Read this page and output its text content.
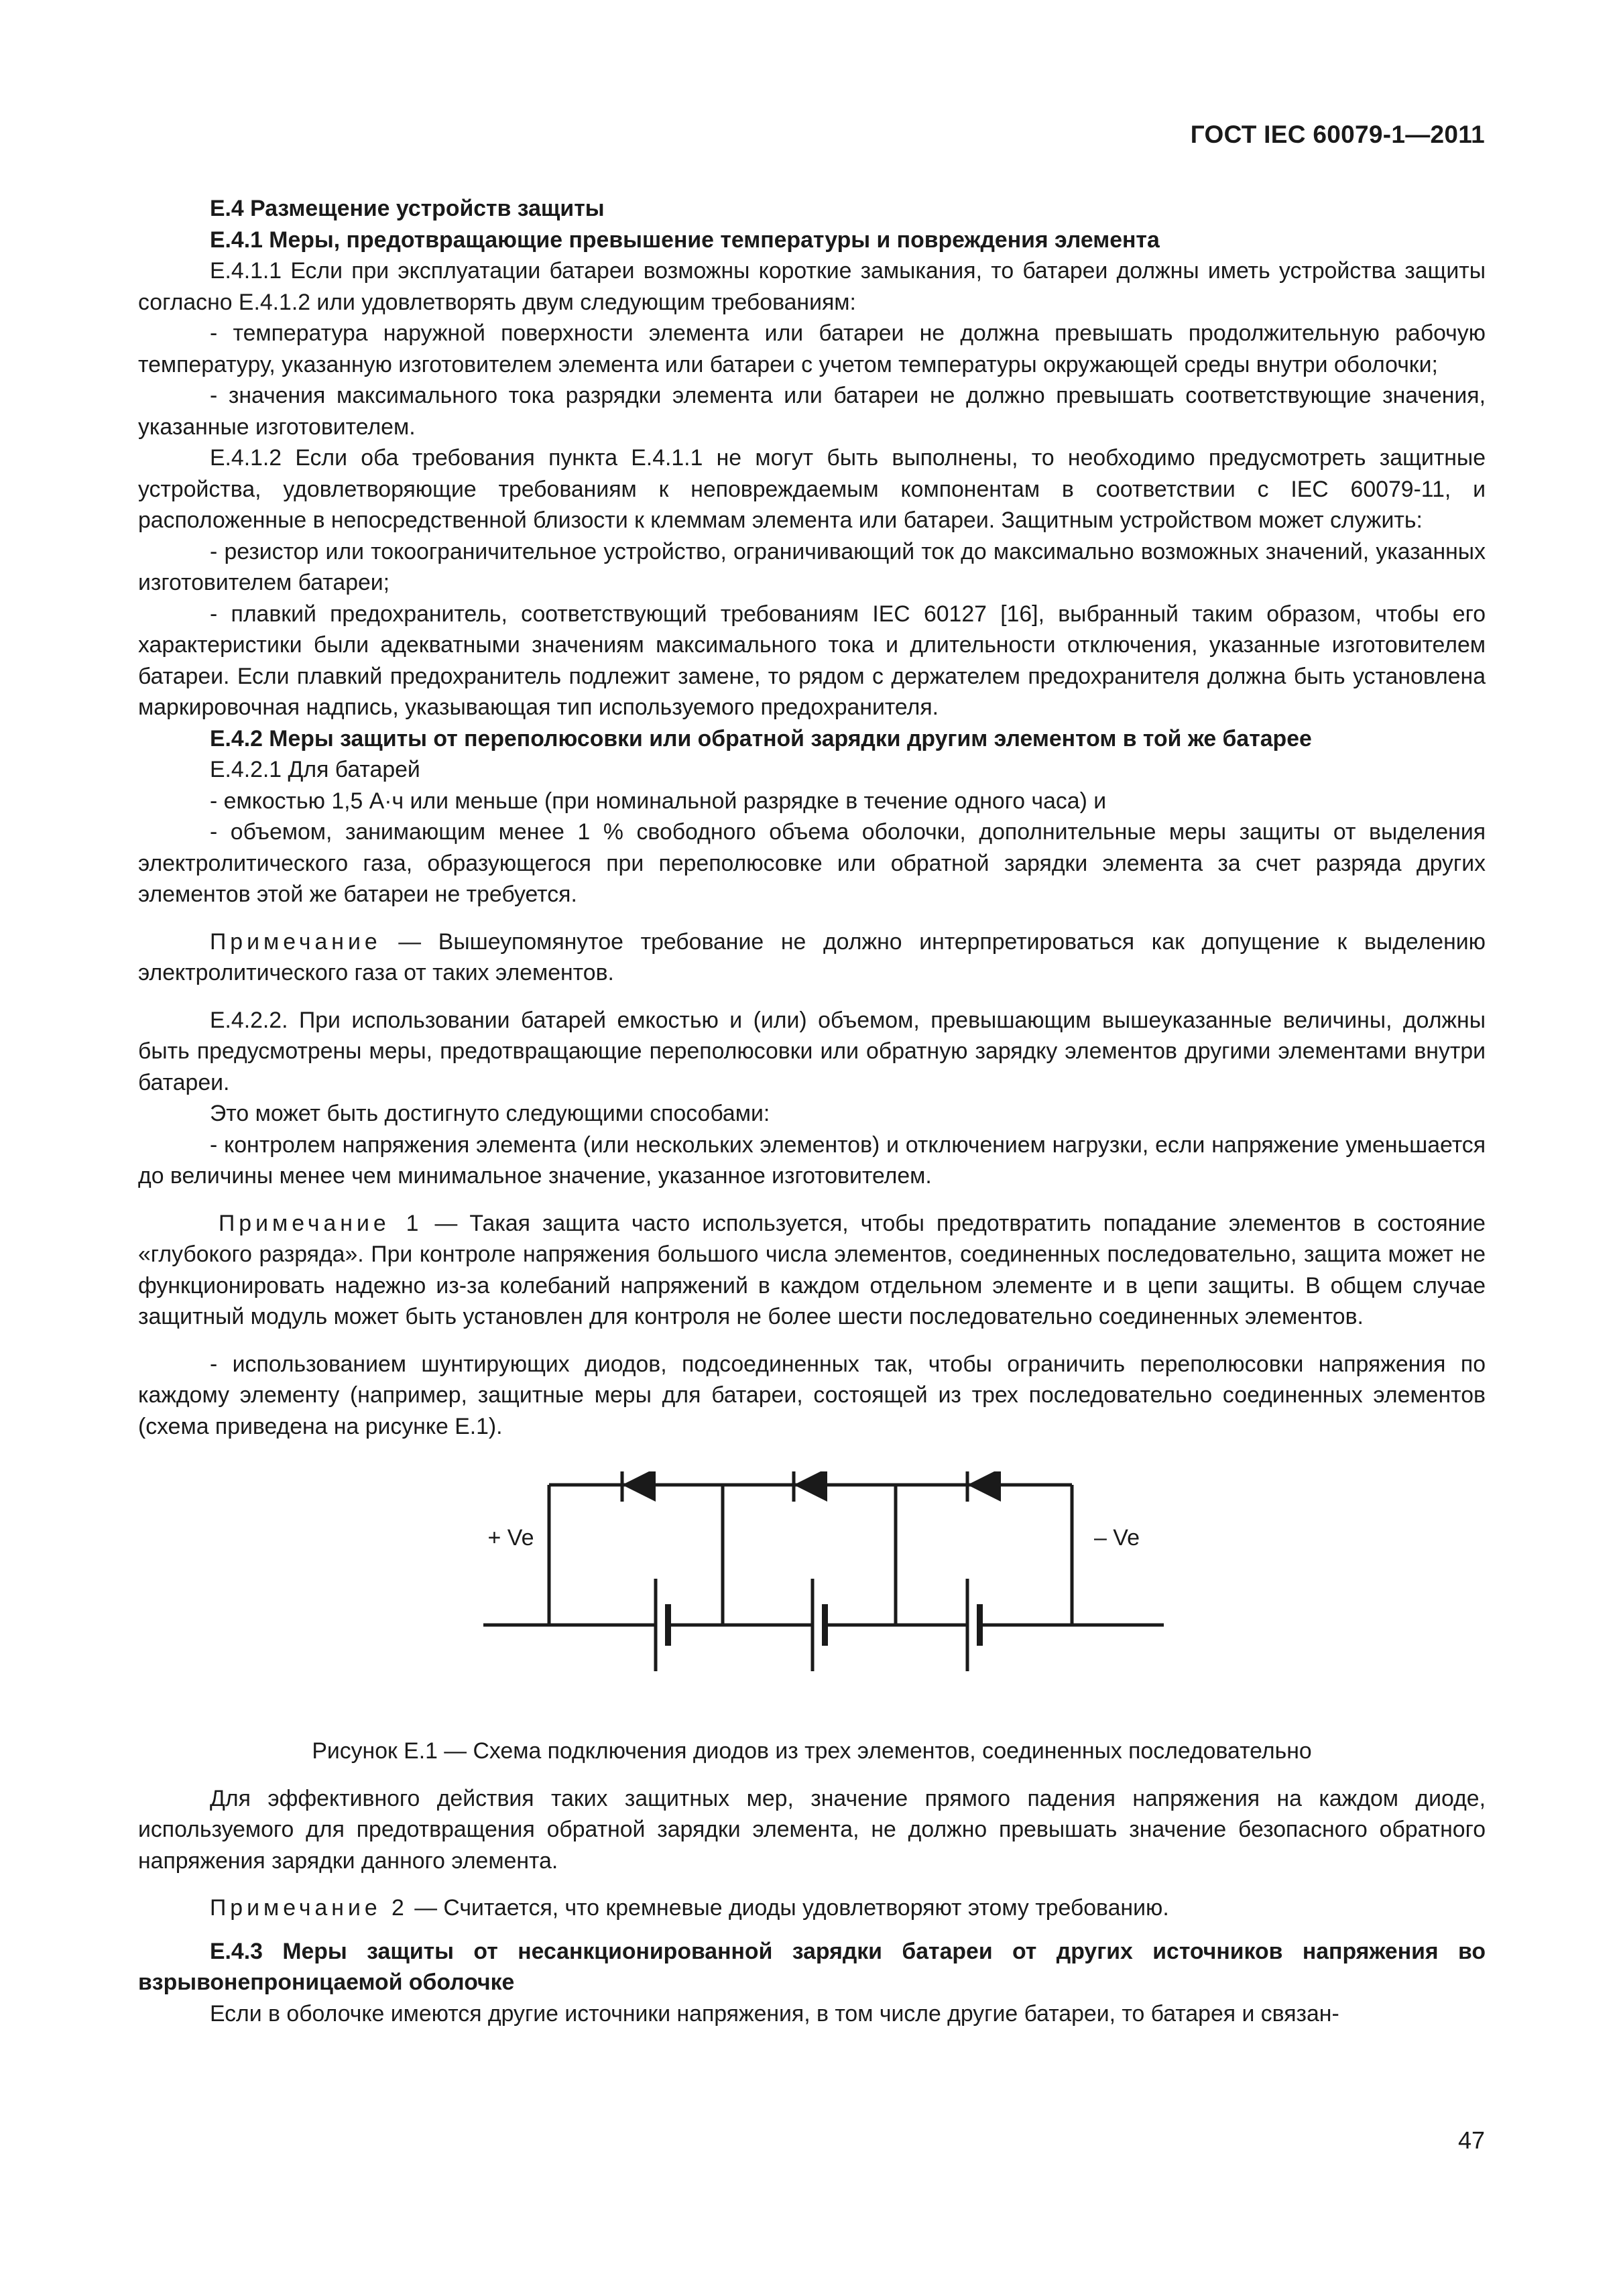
ГОСТ IEC 60079-1—2011

E.4 Размещение устройств защиты

E.4.1 Меры, предотвращающие превышение температуры и повреждения элемента

Е.4.1.1 Если при эксплуатации батареи возможны короткие замыкания, то батареи должны иметь устройства защиты согласно Е.4.1.2 или удовлетворять двум следующим требованиям:

- температура наружной поверхности элемента или батареи не должна превышать продолжительную рабочую температуру, указанную изготовителем элемента или батареи с учетом температуры окружающей среды внутри оболочки;

- значения максимального тока разрядки элемента или батареи не должно превышать соответствующие значения, указанные изготовителем.

Е.4.1.2 Если оба требования пункта Е.4.1.1 не могут быть выполнены, то необходимо предусмотреть защитные устройства, удовлетворяющие требованиям к неповреждаемым компонентам в соответствии с IEC 60079-11, и расположенные в непосредственной близости к клеммам элемента или батареи. Защитным устройством может служить:

- резистор или токоограничительное устройство, ограничивающий ток до максимально возможных значений, указанных изготовителем батареи;

- плавкий предохранитель, соответствующий требованиям IEC 60127 [16], выбранный таким образом, чтобы его характеристики были адекватными значениям максимального тока и длительности отключения, указанные изготовителем батареи. Если плавкий предохранитель подлежит замене, то рядом с держателем предохранителя должна быть установлена маркировочная надпись, указывающая тип используемого предохранителя.

E.4.2 Меры защиты от переполюсовки или обратной зарядки другим элементом в той же батарее

Е.4.2.1 Для батарей

- емкостью 1,5 А·ч или меньше (при номинальной разрядке в течение одного часа) и

- объемом, занимающим менее 1 % свободного объема оболочки, дополнительные меры защиты от выделения электролитического газа, образующегося при переполюсовке или обратной зарядки элемента за счет разряда других элементов этой же батареи не требуется.

Примечание — Вышеупомянутое требование не должно интерпретироваться как допущение к выделению электролитического газа от таких элементов.

Е.4.2.2. При использовании батарей емкостью и (или) объемом, превышающим вышеуказанные величины, должны быть предусмотрены меры, предотвращающие переполюсовки или обратную зарядку элементов другими элементами внутри батареи.

Это может быть достигнуто следующими способами:

- контролем напряжения элемента (или нескольких элементов) и отключением нагрузки, если напряжение уменьшается до величины менее чем минимальное значение, указанное изготовителем.

Примечание 1 — Такая защита часто используется, чтобы предотвратить попадание элементов в состояние «глубокого разряда». При контроле напряжения большого числа элементов, соединенных последовательно, защита может не функционировать надежно из-за колебаний напряжений в каждом отдельном элементе и в цепи защиты. В общем случае защитный модуль может быть установлен для контроля не более шести последовательно соединенных элементов.

- использованием шунтирующих диодов, подсоединенных так, чтобы ограничить переполюсовки напряжения по каждому элементу (например, защитные меры для батареи, состоящей из трех последовательно соединенных элементов (схема приведена на рисунке Е.1).

+ Ve	– Ve

Рисунок Е.1 — Схема подключения диодов из трех элементов, соединенных последовательно

Для эффективного действия таких защитных мер, значение прямого падения напряжения на каждом диоде, используемого для предотвращения обратной зарядки элемента, не должно превышать значение безопасного обратного напряжения зарядки данного элемента.

Примечание 2 — Считается, что кремневые диоды удовлетворяют этому требованию.

E.4.3 Меры защиты от несанкционированной зарядки батареи от других источников напряжения во взрывонепроницаемой оболочке

Если в оболочке имеются другие источники напряжения, в том числе другие батареи, то батарея и связан-

47
